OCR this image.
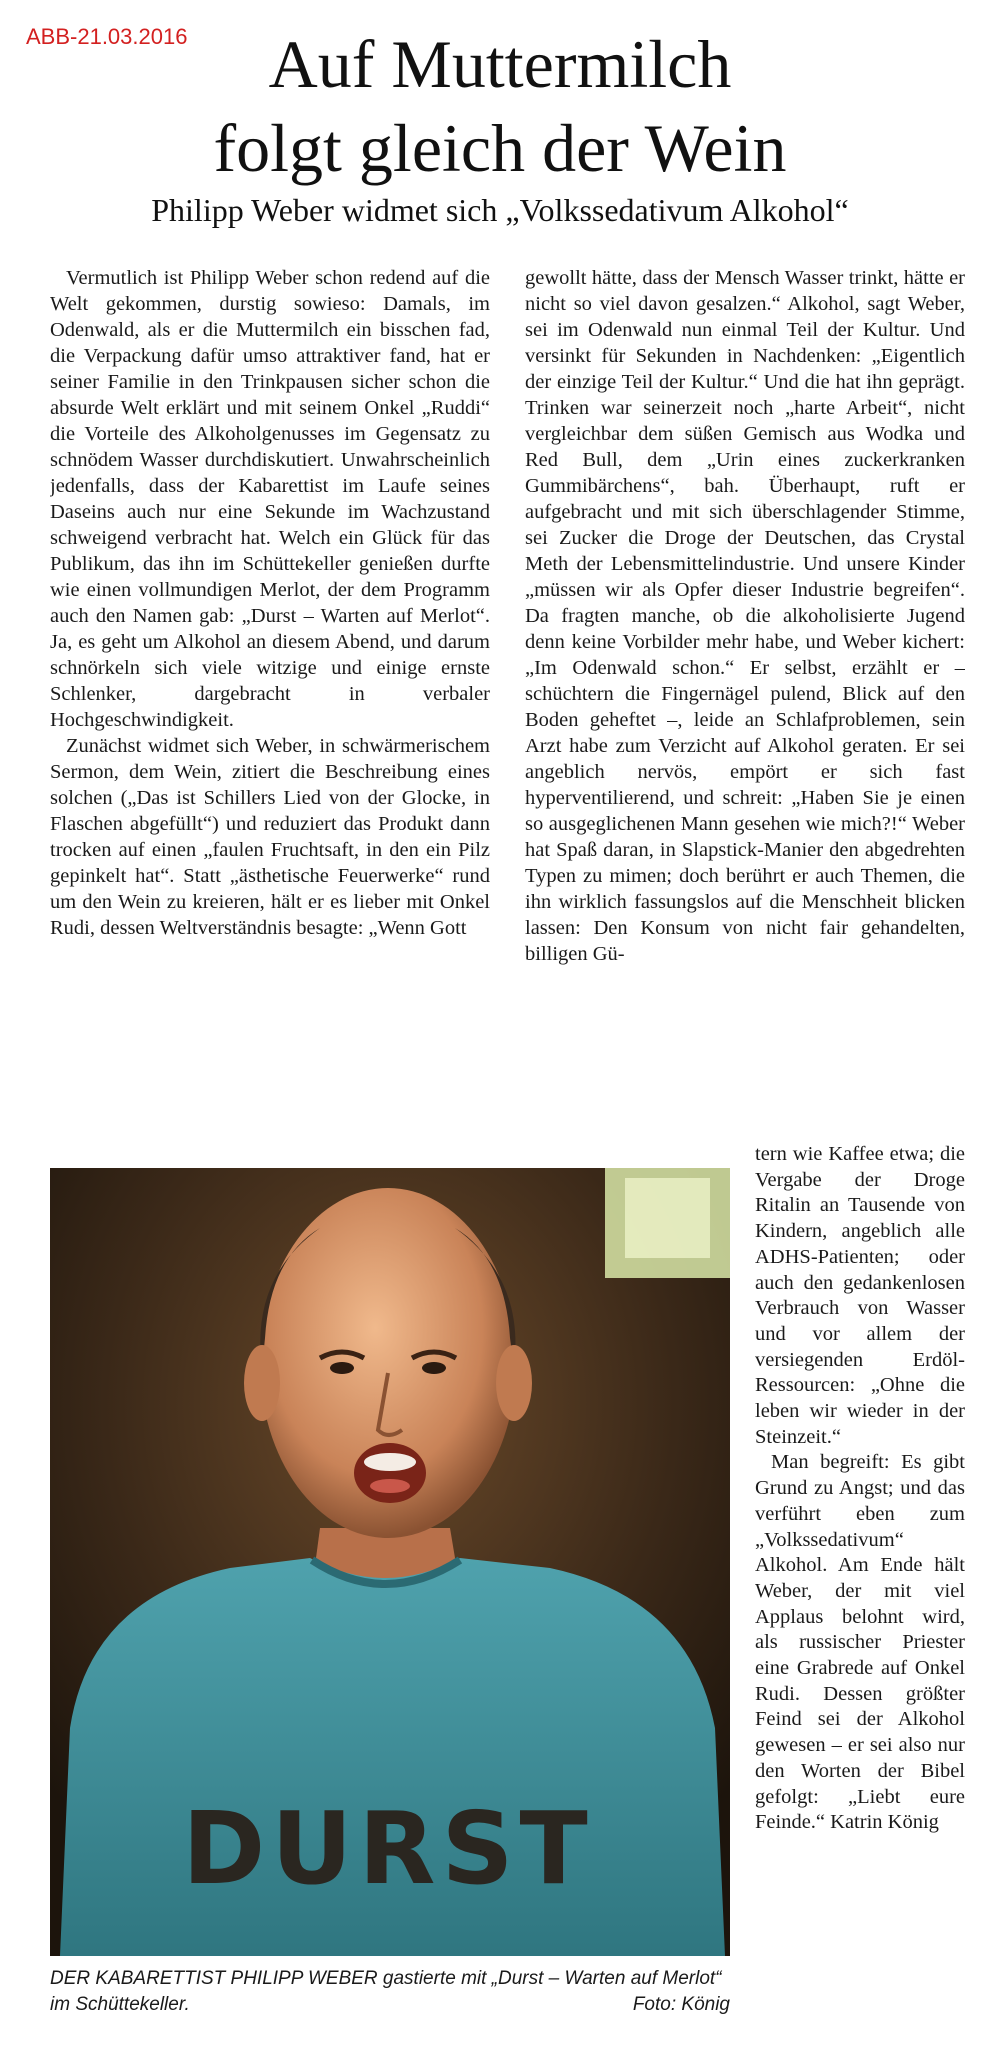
ABB-21.03.2016	Auf Muttermilch
folgt gleich der Wein
Philipp Weber widmet sich „Volkssedativum Alkohol“

Vermutlich ist Philipp Weber schon redend auf die Welt gekommen, durstig sowieso: Damals, im Odenwald, als er die Muttermilch ein bisschen fad, die Verpackung dafür umso attraktiver fand, hat er seiner Familie in den Trinkpausen sicher schon die absurde Welt erklärt und mit seinem Onkel „Ruddi“ die Vorteile des Alkoholgenusses im Gegensatz zu schnödem Wasser durchdiskutiert. Unwahrscheinlich jedenfalls, dass der Kabarettist im Laufe seines Daseins auch nur eine Sekunde im Wachzustand schweigend verbracht hat. Welch ein Glück für das Publikum, das ihn im Schüttekeller genießen durfte wie einen vollmundigen Merlot, der dem Programm auch den Namen gab: „Durst – Warten auf Merlot“. Ja, es geht um Alkohol an diesem Abend, und darum schnörkeln sich viele witzige und einige ernste Schlenker, dargebracht in verbaler Hochgeschwindigkeit.

Zunächst widmet sich Weber, in schwärmerischem Sermon, dem Wein, zitiert die Beschreibung eines solchen („Das ist Schillers Lied von der Glocke, in Flaschen abgefüllt“) und reduziert das Produkt dann trocken auf einen „faulen Fruchtsaft, in den ein Pilz gepinkelt hat“. Statt „ästhetische Feuerwerke“ rund um den Wein zu kreieren, hält er es lieber mit Onkel Rudi, dessen Weltverständnis besagte: „Wenn Gott

gewollt hätte, dass der Mensch Wasser trinkt, hätte er nicht so viel davon gesalzen.“ Alkohol, sagt Weber, sei im Odenwald nun einmal Teil der Kultur. Und versinkt für Sekunden in Nachdenken: „Eigentlich der einzige Teil der Kultur.“ Und die hat ihn geprägt. Trinken war seinerzeit noch „harte Arbeit“, nicht vergleichbar dem süßen Gemisch aus Wodka und Red Bull, dem „Urin eines zuckerkranken Gummibärchens“, bah. Überhaupt, ruft er aufgebracht und mit sich überschlagender Stimme, sei Zucker die Droge der Deutschen, das Crystal Meth der Lebensmittelindustrie. Und unsere Kinder „müssen wir als Opfer dieser Industrie begreifen“. Da fragten manche, ob die alkoholisierte Jugend denn keine Vorbilder mehr habe, und Weber kichert: „Im Odenwald schon.“ Er selbst, erzählt er – schüchtern die Fingernägel pulend, Blick auf den Boden geheftet –, leide an Schlafproblemen, sein Arzt habe zum Verzicht auf Alkohol geraten. Er sei angeblich nervös, empört er sich fast hyperventilierend, und schreit: „Haben Sie je einen so ausgeglichenen Mann gesehen wie mich?!“ Weber hat Spaß daran, in Slapstick-Manier den abgedrehten Typen zu mimen; doch berührt er auch Themen, die ihn wirklich fassungslos auf die Menschheit blicken lassen: Den Konsum von nicht fair gehandelten, billigen Gü-

DURST
DER KABARETTIST PHILIPP WEBER gastierte mit „Durst – Warten auf Merlot“ im Schüttekeller.	Foto: König

tern wie Kaffee etwa; die Vergabe der Droge Ritalin an Tausende von Kindern, angeblich alle ADHS-Patienten; oder auch den gedankenlosen Verbrauch von Wasser und vor allem der versiegenden Erdöl-Ressourcen: „Ohne die leben wir wieder in der Steinzeit.“

Man begreift: Es gibt Grund zu Angst; und das verführt eben zum „Volkssedativum“ Alkohol. Am Ende hält Weber, der mit viel Applaus belohnt wird, als russischer Priester eine Grabrede auf Onkel Rudi. Dessen größter Feind sei der Alkohol gewesen – er sei also nur den Worten der Bibel gefolgt: „Liebt eure Feinde.“ Katrin König
